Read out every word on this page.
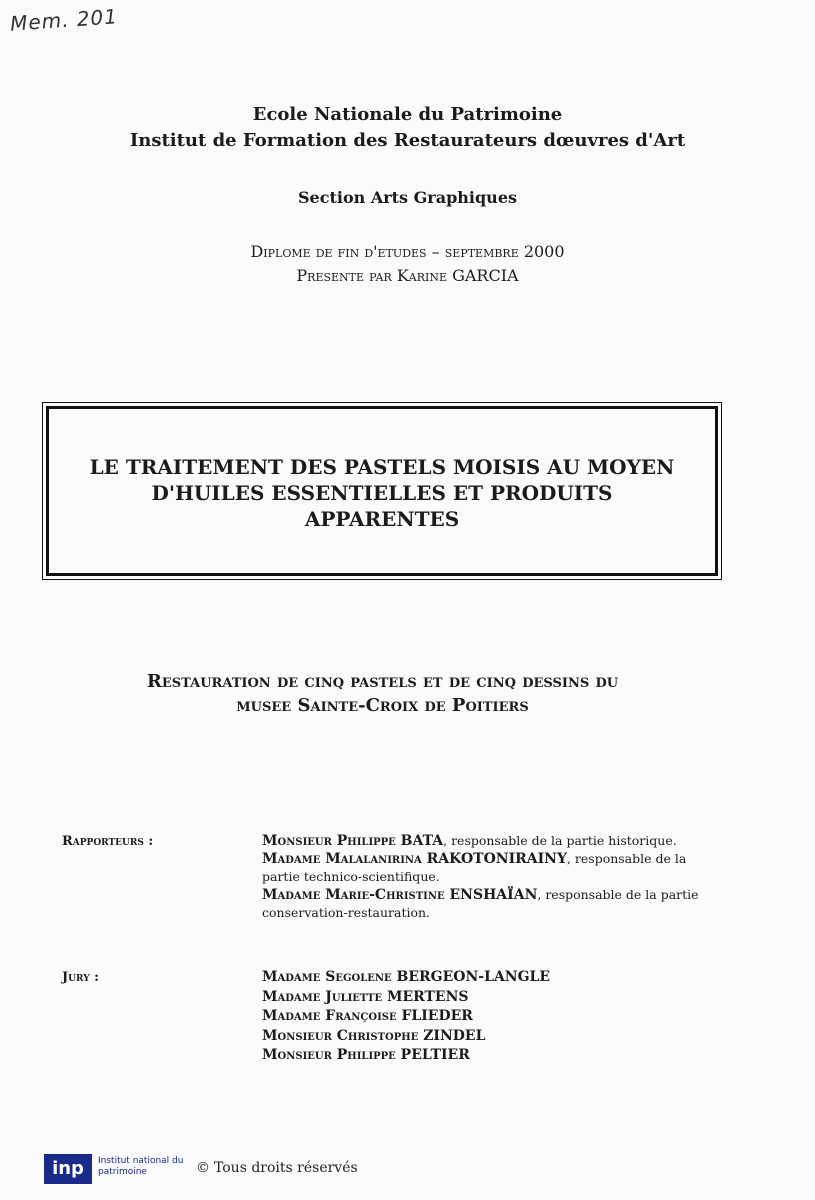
Mem. 201
Ecole Nationale du Patrimoine
Institut de Formation des Restaurateurs dœuvres d'Art
Section Arts Graphiques
Diplome de fin d'etudes – septembre 2000
Presente par Karine GARCIA
LE TRAITEMENT DES PASTELS MOISIS AU MOYEN
D'HUILES ESSENTIELLES ET PRODUITS
APPARENTES
Restauration de cinq pastels et de cinq dessins du
musee Sainte-Croix de Poitiers
Rapporteurs :	Monsieur Philippe BATA, responsable de la partie historique.
Madame Malalanirina RAKOTONIRAINY, responsable de la partie technico-scientifique.
Madame Marie-Christine ENSHAÏAN, responsable de la partie conservation-restauration.
Jury :	Madame Segolene BERGEON-LANGLE
Madame Juliette MERTENS
Madame Françoise FLIEDER
Monsieur Christophe ZINDEL
Monsieur Philippe PELTIER
inp	Institut national du patrimoine	© Tous droits réservés
